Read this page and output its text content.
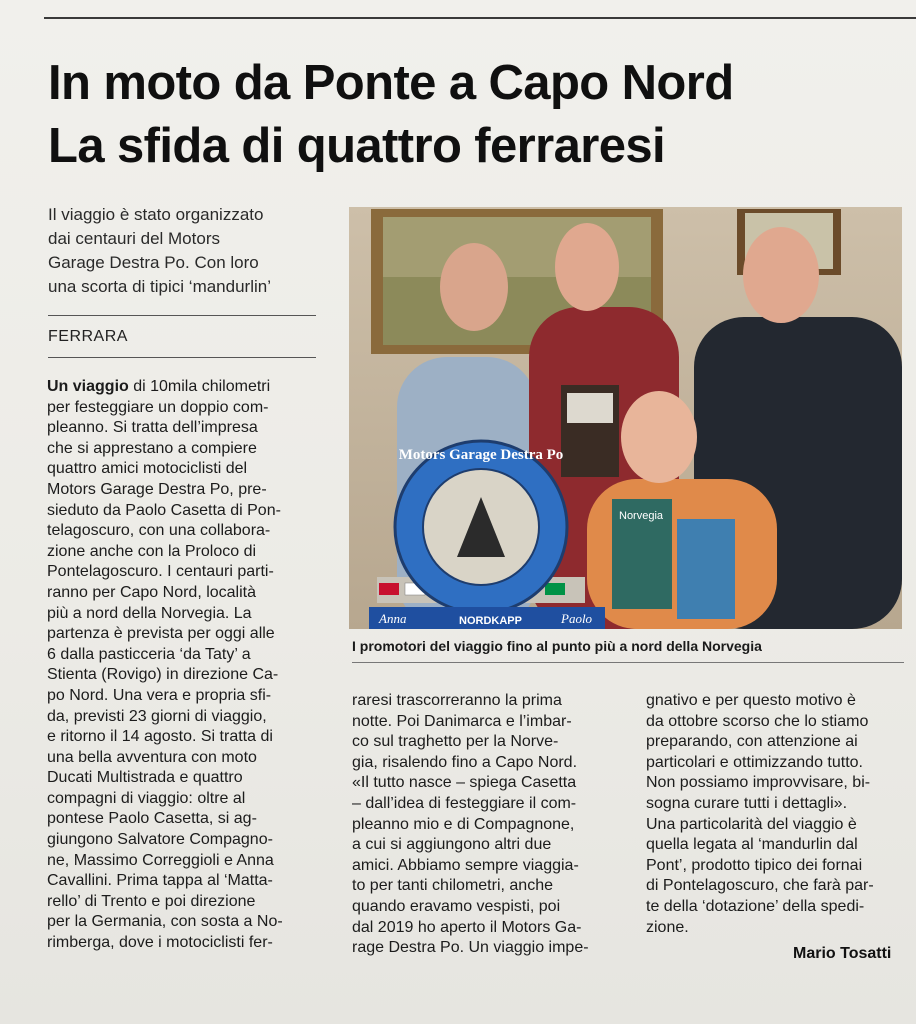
In moto da Ponte a Capo Nord
La sfida di quattro ferraresi
Il viaggio è stato organizzato
dai centauri del Motors
Garage Destra Po. Con loro
una scorta di tipici ‘mandurlin’
FERRARA
Un viaggio di 10mila chilometri
per festeggiare un doppio com-
pleanno. Si tratta dell’impresa
che si apprestano a compiere
quattro amici motociclisti del
Motors Garage Destra Po, pre-
sieduto da Paolo Casetta di Pon-
telagoscuro, con una collabora-
zione anche con la Proloco di
Pontelagoscuro. I centauri parti-
ranno per Capo Nord, località
più a nord della Norvegia. La
partenza è prevista per oggi alle
6 dalla pasticceria ‘da Taty’ a
Stienta (Rovigo) in direzione Ca-
po Nord. Una vera e propria sfi-
da, previsti 23 giorni di viaggio,
e ritorno il 14 agosto. Si tratta di
una bella avventura con moto
Ducati Multistrada e quattro
compagni di viaggio: oltre al
pontese Paolo Casetta, si ag-
giungono Salvatore Compagno-
ne, Massimo Correggioli e Anna
Cavallini. Prima tappa al ‘Matta-
rello’ di Trento e poi direzione
per la Germania, con sosta a No-
rimberga, dove i motociclisti fer-
Norvegia
Motors Garage Destra Po
Anna	NORDKAPP	Paolo
I promotori del viaggio fino al punto più a nord della Norvegia
raresi trascorreranno la prima
notte. Poi Danimarca e l’imbar-
co sul traghetto per la Norve-
gia, risalendo fino a Capo Nord.
«Il tutto nasce – spiega Casetta
– dall’idea di festeggiare il com-
pleanno mio e di Compagnone,
a cui si aggiungono altri due
amici. Abbiamo sempre viaggia-
to per tanti chilometri, anche
quando eravamo vespisti, poi
dal 2019 ho aperto il Motors Ga-
rage Destra Po. Un viaggio impe-
gnativo e per questo motivo è
da ottobre scorso che lo stiamo
preparando, con attenzione ai
particolari e ottimizzando tutto.
Non possiamo improvvisare, bi-
sogna curare tutti i dettagli».
Una particolarità del viaggio è
quella legata al ‘mandurlin dal
Pont’, prodotto tipico dei fornai
di Pontelagoscuro, che farà par-
te della ‘dotazione’ della spedi-
zione.
Mario Tosatti
